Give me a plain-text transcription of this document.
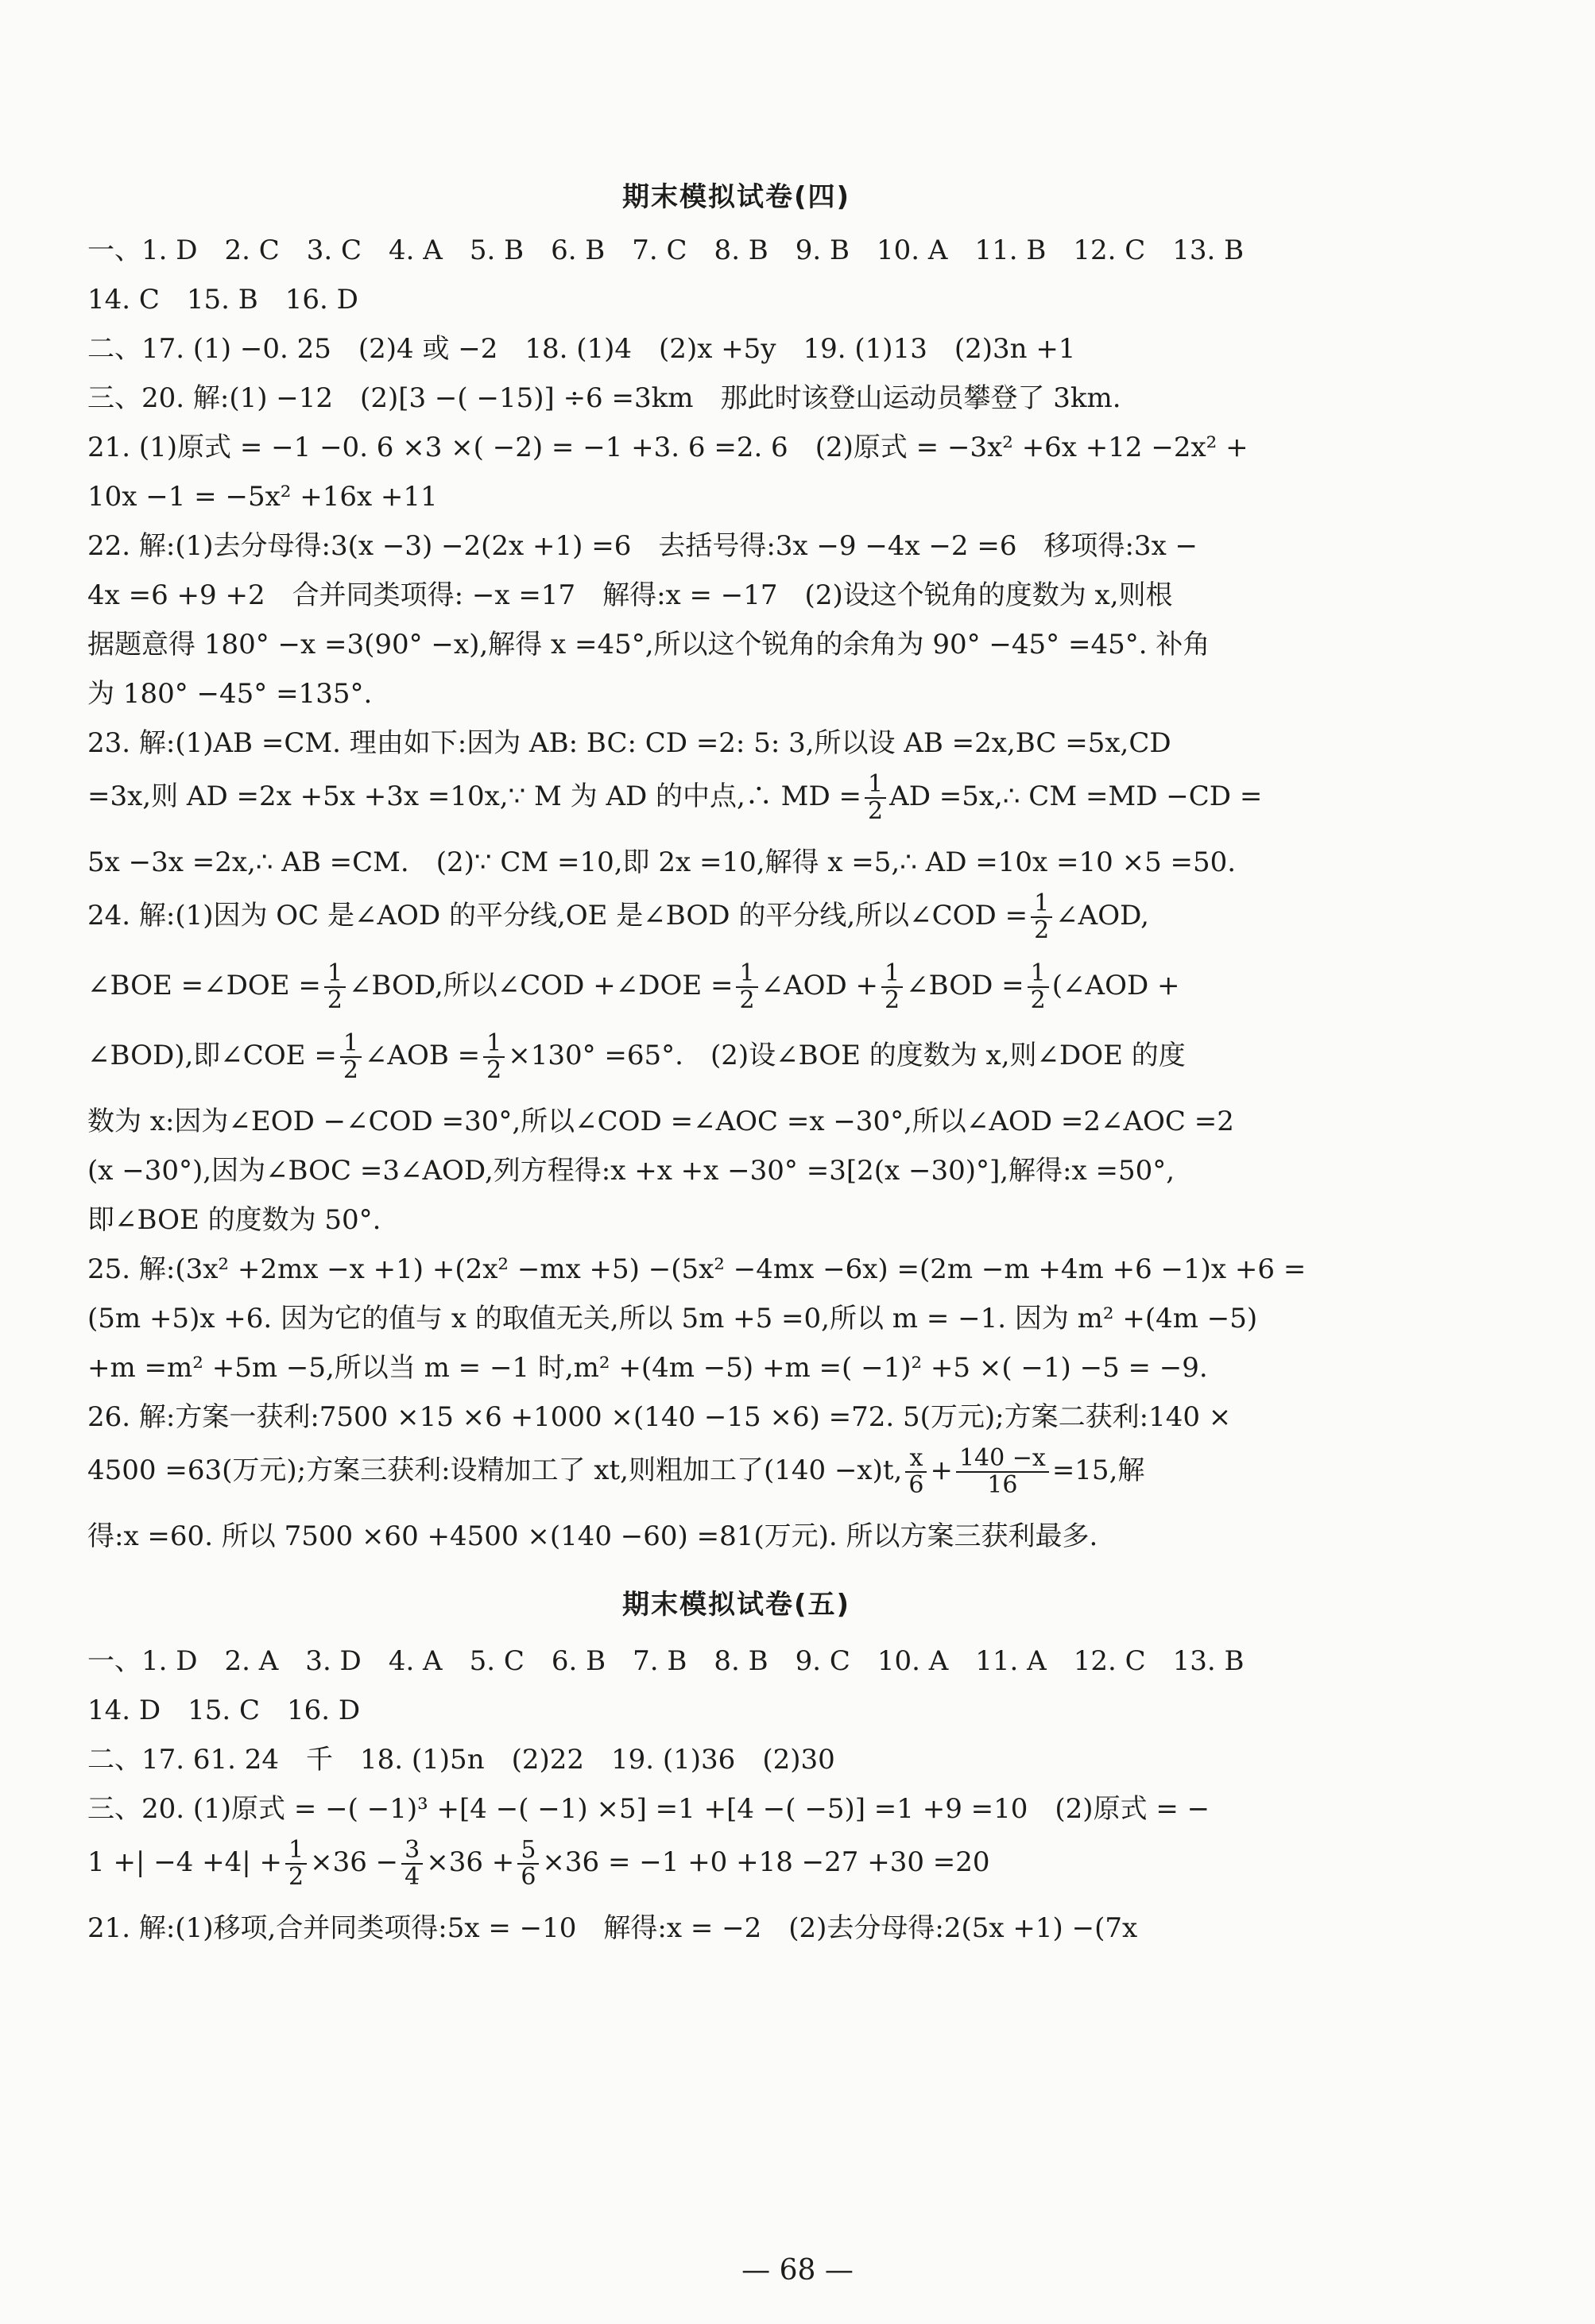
期末模拟试卷(四)
一、1. D　2. C　3. C　4. A　5. B　6. B　7. C　8. B　9. B　10. A　11. B　12. C　13. B
14. C　15. B　16. D
二、17. (1) −0. 25　(2)4 或 −2　18. (1)4　(2)x +5y　19. (1)13　(2)3n +1
三、20. 解:(1) −12　(2)[3 −( −15)] ÷6 =3km　那此时该登山运动员攀登了 3km.
21. (1)原式 = −1 −0. 6 ×3 ×( −2) = −1 +3. 6 =2. 6　(2)原式 = −3x² +6x +12 −2x² +
10x −1 = −5x² +16x +11
22. 解:(1)去分母得:3(x −3) −2(2x +1) =6　去括号得:3x −9 −4x −2 =6　移项得:3x −
4x =6 +9 +2　合并同类项得: −x =17　解得:x = −17　(2)设这个锐角的度数为 x,则根
据题意得 180° −x =3(90° −x),解得 x =45°,所以这个锐角的余角为 90° −45° =45°. 补角
为 180° −45° =135°.
23. 解:(1)AB =CM. 理由如下:因为 AB: BC: CD =2: 5: 3,所以设 AB =2x,BC =5x,CD
=3x,则 AD =2x +5x +3x =10x,∵ M 为 AD 的中点,∴ MD = $\frac{1}{2}$ AD =5x,∴ CM =MD −CD =
5x −3x =2x,∴ AB =CM.　(2)∵ CM =10,即 2x =10,解得 x =5,∴ AD =10x =10 ×5 =50.
24. 解:(1)因为 OC 是∠AOD 的平分线,OE 是∠BOD 的平分线,所以∠COD = $\frac{1}{2}$ ∠AOD,
∠BOE =∠DOE = $\frac{1}{2}$ ∠BOD,所以∠COD +∠DOE = $\frac{1}{2}$ ∠AOD + $\frac{1}{2}$ ∠BOD = $\frac{1}{2}$ (∠AOD +
∠BOD),即∠COE = $\frac{1}{2}$ ∠AOB = $\frac{1}{2} \times 130^\circ =65^\circ$.　(2)设∠BOE 的度数为 x,则∠DOE 的度
数为 x:因为∠EOD −∠COD =30°,所以∠COD =∠AOC =x −30°,所以∠AOD =2∠AOC =2
(x −30°),因为∠BOC =3∠AOD,列方程得:x +x +x −30° =3[2(x −30)°],解得:x =50°,
即∠BOE 的度数为 50°.
25. 解:(3x² +2mx −x +1) +(2x² −mx +5) −(5x² −4mx −6x) =(2m −m +4m +6 −1)x +6 =
(5m +5)x +6. 因为它的值与 x 的取值无关,所以 5m +5 =0,所以 m = −1. 因为 m² +(4m −5)
+m =m² +5m −5,所以当 m = −1 时,m² +(4m −5) +m =( −1)² +5 ×( −1) −5 = −9.
26. 解:方案一获利:7500 ×15 ×6 +1000 ×(140 −15 ×6) =72. 5(万元);方案二获利:140 ×
4500 =63(万元);方案三获利:设精加工了 xt,则粗加工了(140 −x)t, $\frac{x}{6} + \frac{140 -x}{16} =15$,解
得:x =60. 所以 7500 ×60 +4500 ×(140 −60) =81(万元). 所以方案三获利最多.
期末模拟试卷(五)
一、1. D　2. A　3. D　4. A　5. C　6. B　7. B　8. B　9. C　10. A　11. A　12. C　13. B
14. D　15. C　16. D
二、17. 61. 24　千　18. (1)5n　(2)22　19. (1)36　(2)30
三、20. (1)原式 = −( −1)³ +[4 −( −1) ×5] =1 +[4 −( −5)] =1 +9 =10　(2)原式 = −
1 +| $-4 +4| + \frac{1}{2} \times 36 - \frac{3}{4} \times 36 + \frac{5}{6} \times 36 = -1 +0 +18 -27 +30 =20$
21. 解:(1)移项,合并同类项得:5x = −10　解得:x = −2　(2)去分母得:2(5x +1) −(7x
— 68 —
